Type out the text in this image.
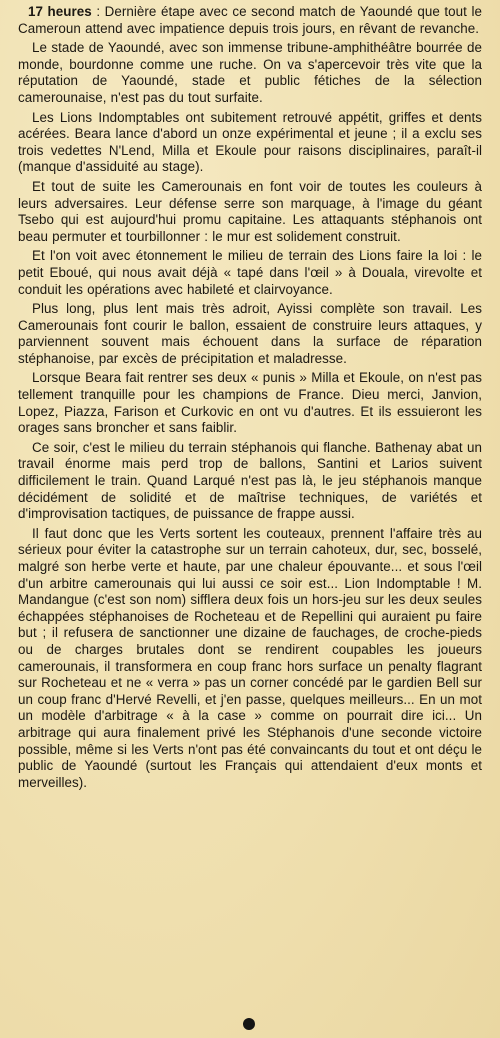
17 heures : Dernière étape avec ce second match de Yaoundé que tout le Cameroun attend avec impatience depuis trois jours, en rêvant de revanche.

Le stade de Yaoundé, avec son immense tribune-amphithéâtre bourrée de monde, bourdonne comme une ruche. On va s'apercevoir très vite que la réputation de Yaoundé, stade et public fétiches de la sélection camerounaise, n'est pas du tout surfaite.

Les Lions Indomptables ont subitement retrouvé appétit, griffes et dents acérées. Beara lance d'abord un onze expérimental et jeune ; il a exclu ses trois vedettes N'Lend, Milla et Ekoule pour raisons disciplinaires, paraît-il (manque d'assiduité au stage).

Et tout de suite les Camerounais en font voir de toutes les couleurs à leurs adversaires. Leur défense serre son marquage, à l'image du géant Tsebo qui est aujourd'hui promu capitaine. Les attaquants stéphanois ont beau permuter et tourbillonner : le mur est solidement construit.

Et l'on voit avec étonnement le milieu de terrain des Lions faire la loi : le petit Eboué, qui nous avait déjà « tapé dans l'œil » à Douala, virevolte et conduit les opérations avec habileté et clairvoyance.

Plus long, plus lent mais très adroit, Ayissi complète son travail. Les Camerounais font courir le ballon, essaient de construire leurs attaques, y parviennent souvent mais échouent dans la surface de réparation stéphanoise, par excès de précipitation et maladresse.

Lorsque Beara fait rentrer ses deux « punis » Milla et Ekoule, on n'est pas tellement tranquille pour les champions de France. Dieu merci, Janvion, Lopez, Piazza, Farison et Curkovic en ont vu d'autres. Et ils essuieront les orages sans broncher et sans faiblir.

Ce soir, c'est le milieu du terrain stéphanois qui flanche. Bathenay abat un travail énorme mais perd trop de ballons, Santini et Larios suivent difficilement le train. Quand Larqué n'est pas là, le jeu stéphanois manque décidément de solidité et de maîtrise techniques, de variétés et d'improvisation tactiques, de puissance de frappe aussi.

Il faut donc que les Verts sortent les couteaux, prennent l'affaire très au sérieux pour éviter la catastrophe sur un terrain cahoteux, dur, sec, bosselé, malgré son herbe verte et haute, par une chaleur épouvante... et sous l'œil d'un arbitre camerounais qui lui aussi ce soir est... Lion Indomptable ! M. Mandangue (c'est son nom) sifflera deux fois un hors-jeu sur les deux seules échappées stéphanoises de Rocheteau et de Repellini qui auraient pu faire but ; il refusera de sanctionner une dizaine de fauchages, de croche-pieds ou de charges brutales dont se rendirent coupables les joueurs camerounais, il transformera en coup franc hors surface un penalty flagrant sur Rocheteau et ne « verra » pas un corner concédé par le gardien Bell sur un coup franc d'Hervé Revelli, et j'en passe, quelques meilleurs... En un mot un modèle d'arbitrage « à la case » comme on pourrait dire ici... Un arbitrage qui aura finalement privé les Stéphanois d'une seconde victoire possible, même si les Verts n'ont pas été convaincants du tout et ont déçu le public de Yaoundé (surtout les Français qui attendaient d'eux monts et merveilles).
